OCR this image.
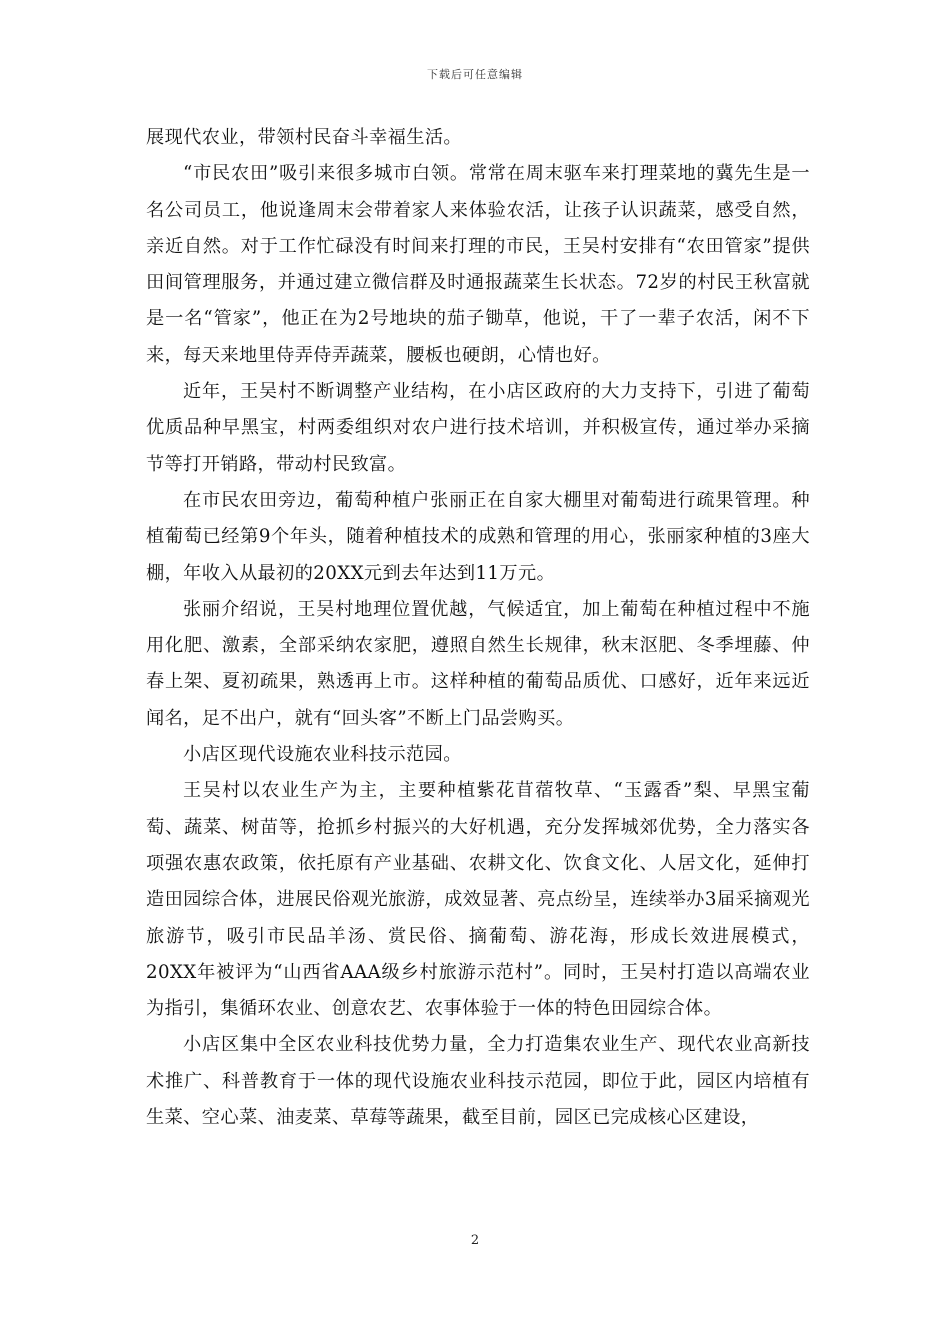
下载后可任意编辑

展现代农业，带领村民奋斗幸福生活。

“市民农田”吸引来很多城市白领。常常在周末驱车来打理菜地的冀先生是一名公司员工，他说逢周末会带着家人来体验农活，让孩子认识蔬菜，感受自然，亲近自然。对于工作忙碌没有时间来打理的市民，王吴村安排有“农田管家”提供田间管理服务，并通过建立微信群及时通报蔬菜生长状态。72岁的村民王秋富就是一名“管家”，他正在为2号地块的茄子锄草，他说，干了一辈子农活，闲不下来，每天来地里侍弄侍弄蔬菜，腰板也硬朗，心情也好。

近年，王吴村不断调整产业结构，在小店区政府的大力支持下，引进了葡萄优质品种早黑宝，村两委组织对农户进行技术培训，并积极宣传，通过举办采摘节等打开销路，带动村民致富。

在市民农田旁边，葡萄种植户张丽正在自家大棚里对葡萄进行疏果管理。种植葡萄已经第9个年头，随着种植技术的成熟和管理的用心，张丽家种植的3座大棚，年收入从最初的20XX元到去年达到11万元。

张丽介绍说，王吴村地理位置优越，气候适宜，加上葡萄在种植过程中不施用化肥、激素，全部采纳农家肥，遵照自然生长规律，秋末沤肥、冬季埋藤、仲春上架、夏初疏果，熟透再上市。这样种植的葡萄品质优、口感好，近年来远近闻名，足不出户，就有“回头客”不断上门品尝购买。

小店区现代设施农业科技示范园。

王吴村以农业生产为主，主要种植紫花苜蓿牧草、“玉露香”梨、早黑宝葡萄、蔬菜、树苗等，抢抓乡村振兴的大好机遇，充分发挥城郊优势，全力落实各项强农惠农政策，依托原有产业基础、农耕文化、饮食文化、人居文化，延伸打造田园综合体，进展民俗观光旅游，成效显著、亮点纷呈，连续举办3届采摘观光旅游节，吸引市民品羊汤、赏民俗、摘葡萄、游花海，形成长效进展模式，20XX年被评为“山西省AAA级乡村旅游示范村”。同时，王吴村打造以高端农业为指引，集循环农业、创意农艺、农事体验于一体的特色田园综合体。

小店区集中全区农业科技优势力量，全力打造集农业生产、现代农业高新技术推广、科普教育于一体的现代设施农业科技示范园，即位于此，园区内培植有生菜、空心菜、油麦菜、草莓等蔬果，截至目前，园区已完成核心区建设，

2
